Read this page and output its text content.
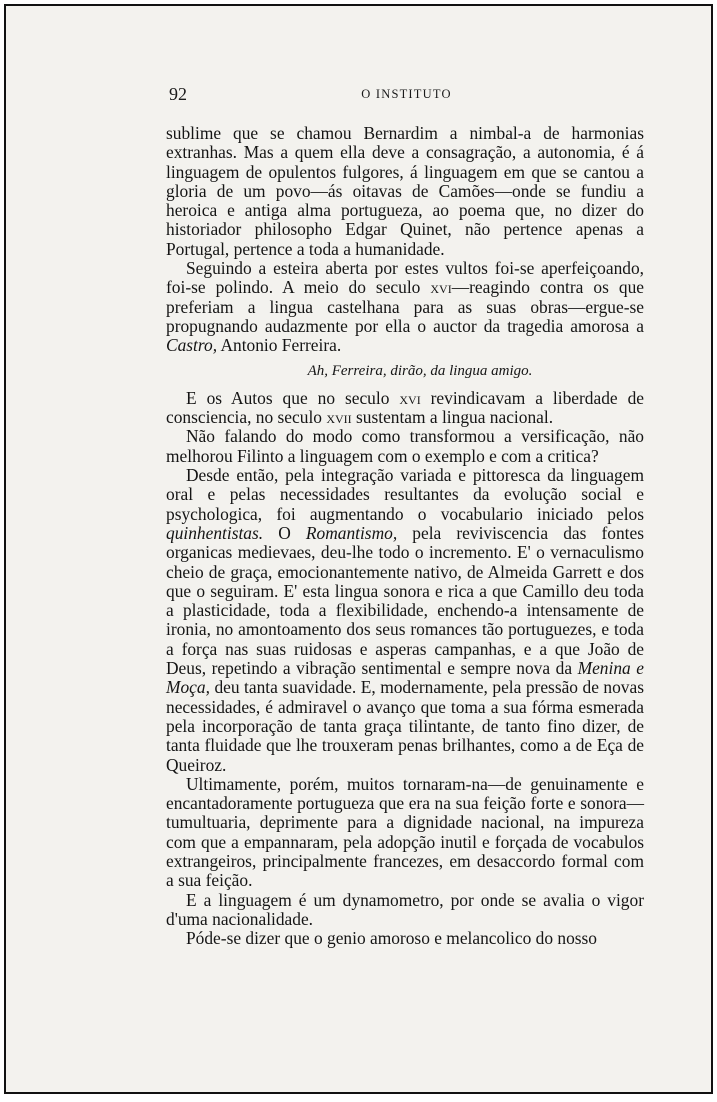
92	O INSTITUTO

sublime que se chamou Bernardim a nimbal-a de harmonias extranhas. Mas a quem ella deve a consagração, a autonomia, é á linguagem de opulentos fulgores, á linguagem em que se cantou a gloria de um povo—ás oitavas de Camões—onde se fundiu a heroica e antiga alma portugueza, ao poema que, no dizer do historiador philosopho Edgar Quinet, não pertence apenas a Portugal, pertence a toda a humanidade.

Seguindo a esteira aberta por estes vultos foi-se aperfeiçoando, foi-se polindo. A meio do seculo xvi—reagindo contra os que preferiam a lingua castelhana para as suas obras—ergue-se propugnando audazmente por ella o auctor da tragedia amorosa a Castro, Antonio Ferreira.

Ah, Ferreira, dirão, da lingua amigo.

E os Autos que no seculo xvi revindicavam a liberdade de consciencia, no seculo xvii sustentam a lingua nacional.

Não falando do modo como transformou a versificação, não melhorou Filinto a linguagem com o exemplo e com a critica?

Desde então, pela integração variada e pittoresca da linguagem oral e pelas necessidades resultantes da evolução social e psychologica, foi augmentando o vocabulario iniciado pelos quinhentistas. O Romantismo, pela reviviscencia das fontes organicas medievaes, deu-lhe todo o incremento. E' o vernaculismo cheio de graça, emocionantemente nativo, de Almeida Garrett e dos que o seguiram. E' esta lingua sonora e rica a que Camillo deu toda a plasticidade, toda a flexibilidade, enchendo-a intensamente de ironia, no amontoamento dos seus romances tão portuguezes, e toda a força nas suas ruidosas e asperas campanhas, e a que João de Deus, repetindo a vibração sentimental e sempre nova da Menina e Moça, deu tanta suavidade. E, modernamente, pela pressão de novas necessidades, é admiravel o avanço que toma a sua fórma esmerada pela incorporação de tanta graça tilintante, de tanto fino dizer, de tanta fluidade que lhe trouxeram penas brilhantes, como a de Eça de Queiroz.

Ultimamente, porém, muitos tornaram-na—de genuinamente e encantadoramente portugueza que era na sua feição forte e sonora—tumultuaria, deprimente para a dignidade nacional, na impureza com que a empannaram, pela adopção inutil e forçada de vocabulos extrangeiros, principalmente francezes, em desaccordo formal com a sua feição.

E a linguagem é um dynamometro, por onde se avalia o vigor d'uma nacionalidade.

Póde-se dizer que o genio amoroso e melancolico do nosso
